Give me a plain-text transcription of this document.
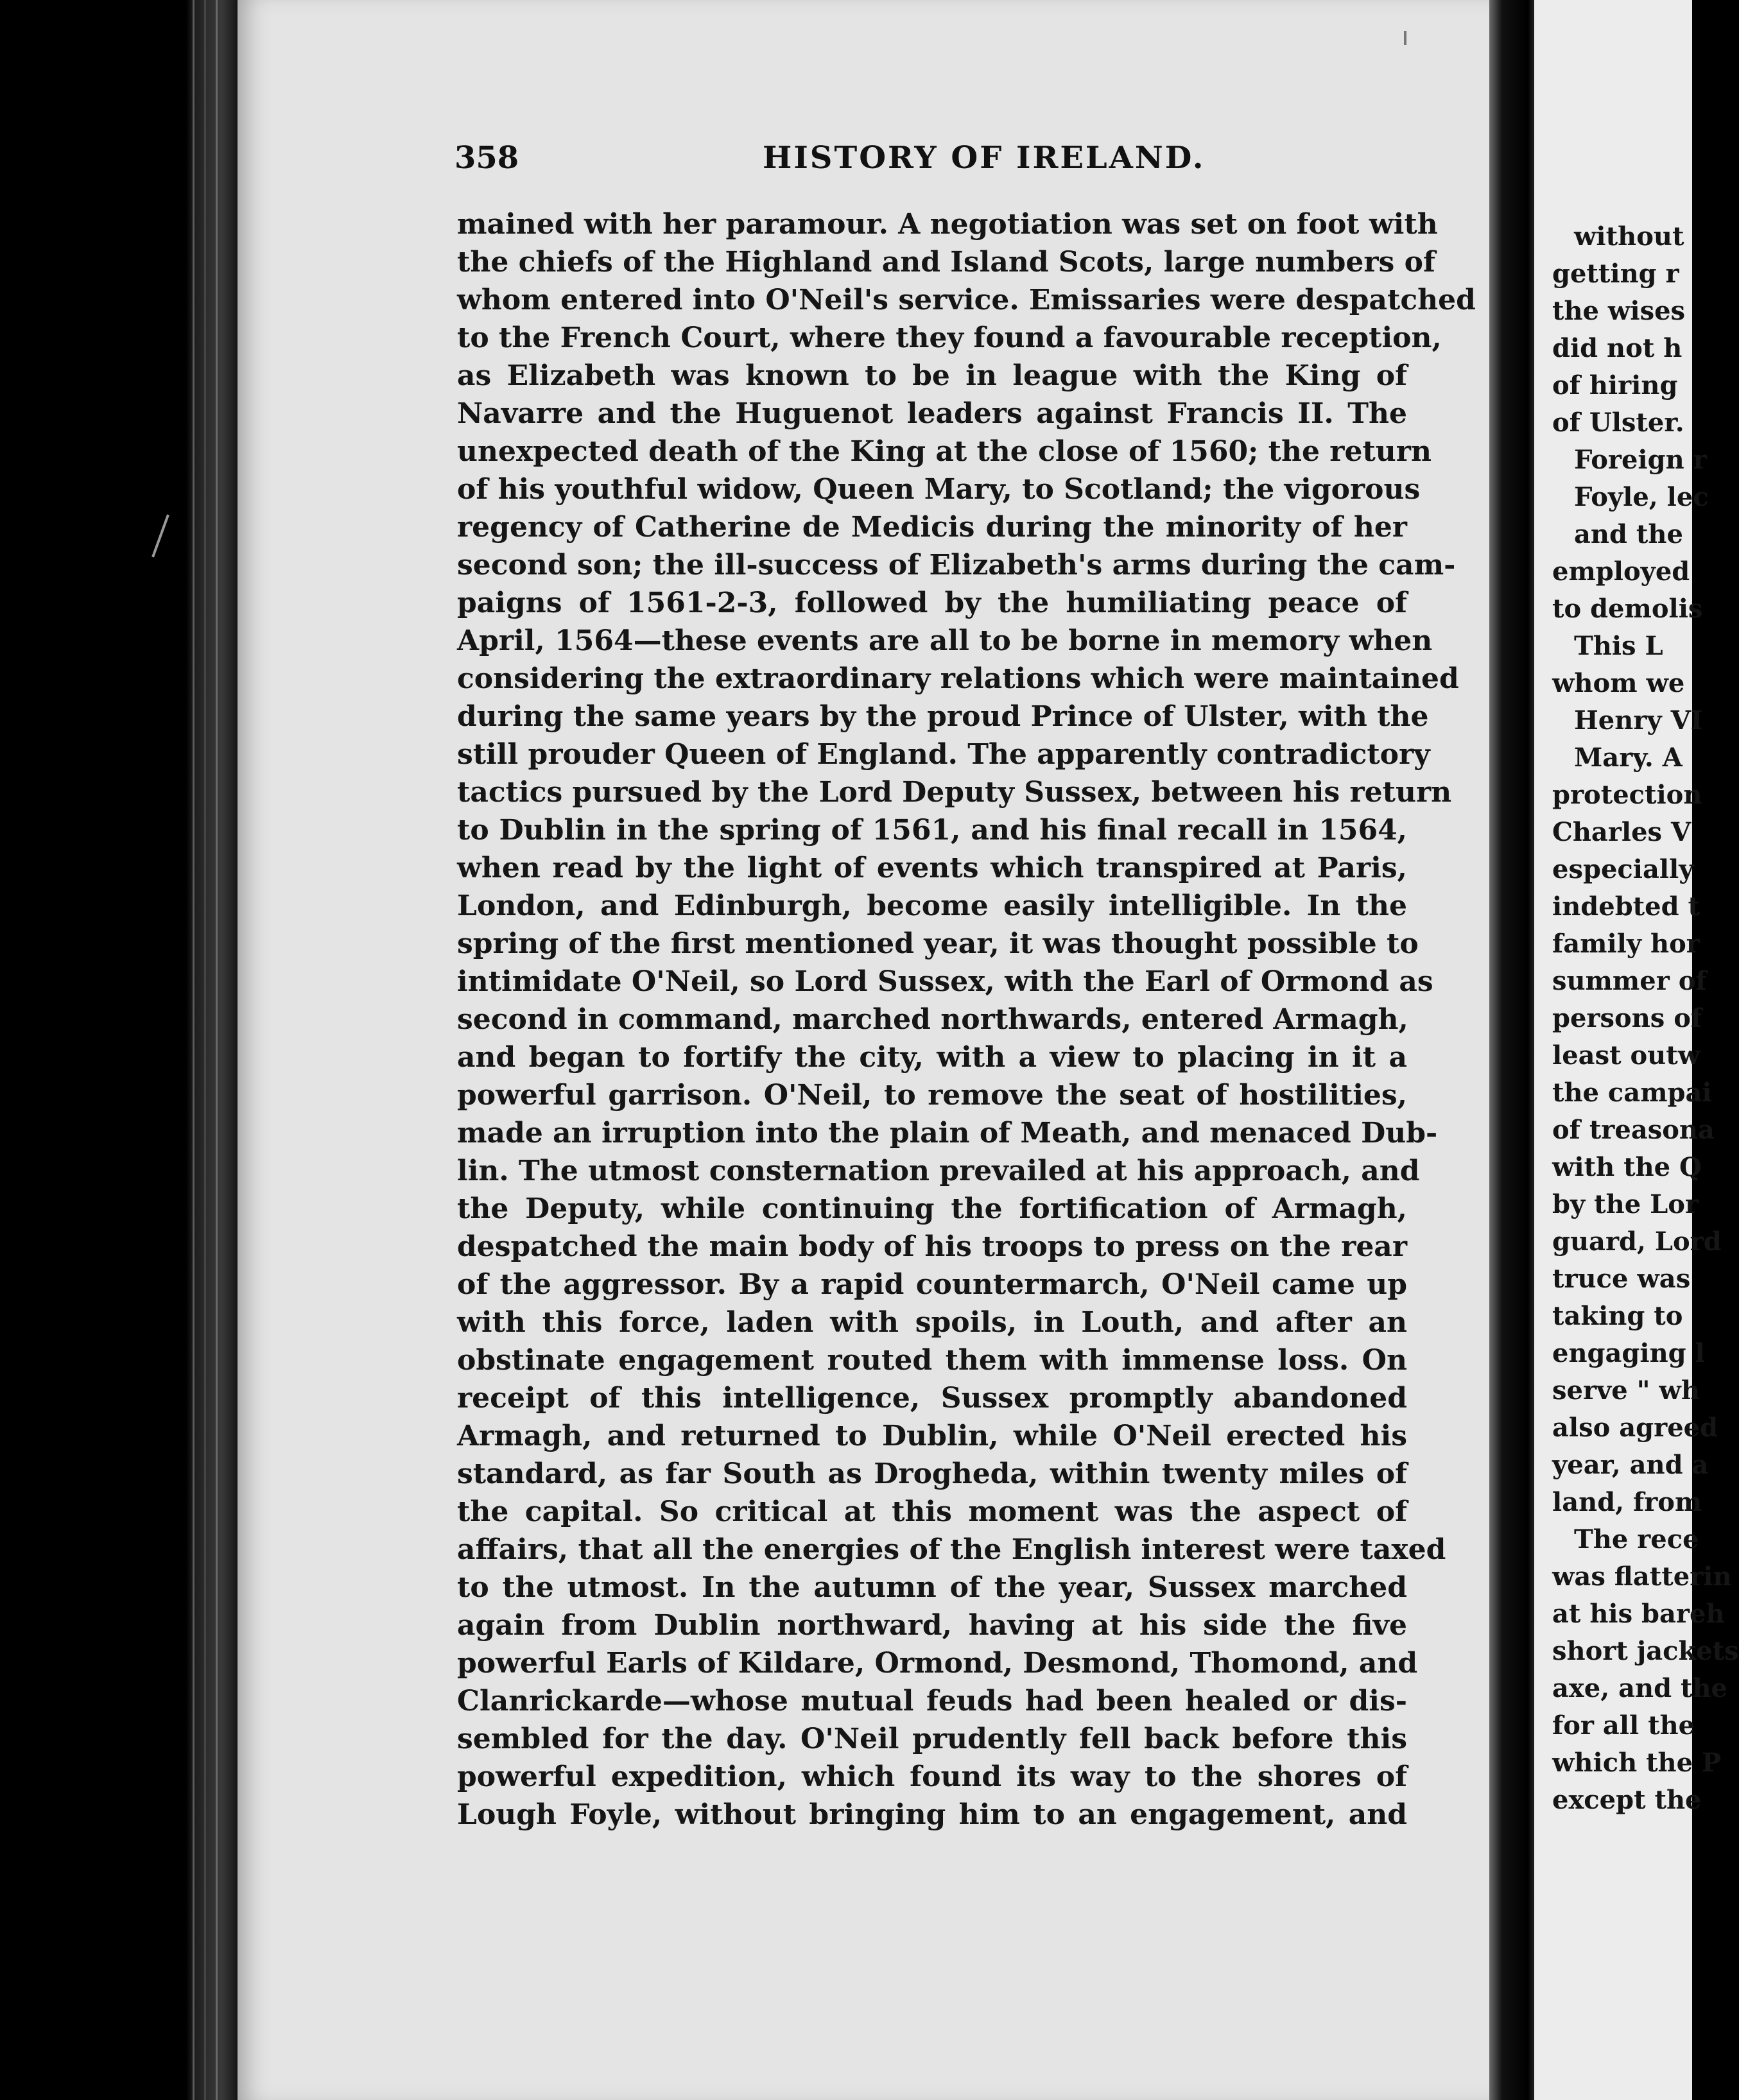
358	HISTORY OF IRELAND.
mained with her paramour. A negotiation was set on foot with
the chiefs of the Highland and Island Scots, large numbers of
whom entered into O'Neil's service. Emissaries were despatched
to the French Court, where they found a favourable reception,
as Elizabeth was known to be in league with the King of
Navarre and the Huguenot leaders against Francis II. The
unexpected death of the King at the close of 1560; the return
of his youthful widow, Queen Mary, to Scotland; the vigorous
regency of Catherine de Medicis during the minority of her
second son; the ill-success of Elizabeth's arms during the cam-
paigns of 1561-2-3, followed by the humiliating peace of
April, 1564—these events are all to be borne in memory when
considering the extraordinary relations which were maintained
during the same years by the proud Prince of Ulster, with the
still prouder Queen of England. The apparently contradictory
tactics pursued by the Lord Deputy Sussex, between his return
to Dublin in the spring of 1561, and his final recall in 1564,
when read by the light of events which transpired at Paris,
London, and Edinburgh, become easily intelligible. In the
spring of the first mentioned year, it was thought possible to
intimidate O'Neil, so Lord Sussex, with the Earl of Ormond as
second in command, marched northwards, entered Armagh,
and began to fortify the city, with a view to placing in it a
powerful garrison. O'Neil, to remove the seat of hostilities,
made an irruption into the plain of Meath, and menaced Dub-
lin. The utmost consternation prevailed at his approach, and
the Deputy, while continuing the fortification of Armagh,
despatched the main body of his troops to press on the rear
of the aggressor. By a rapid countermarch, O'Neil came up
with this force, laden with spoils, in Louth, and after an
obstinate engagement routed them with immense loss. On
receipt of this intelligence, Sussex promptly abandoned
Armagh, and returned to Dublin, while O'Neil erected his
standard, as far South as Drogheda, within twenty miles of
the capital. So critical at this moment was the aspect of
affairs, that all the energies of the English interest were taxed
to the utmost. In the autumn of the year, Sussex marched
again from Dublin northward, having at his side the five
powerful Earls of Kildare, Ormond, Desmond, Thomond, and
Clanrickarde—whose mutual feuds had been healed or dis-
sembled for the day. O'Neil prudently fell back before this
powerful expedition, which found its way to the shores of
Lough Foyle, without bringing him to an engagement, and
without
getting r
the wises
did not h
of hiring
of Ulster.
Foreign r
Foyle, lec
and the
employed
to demolis
This L
whom we
Henry VI
Mary. A
protection
Charles V
especially
indebted t
family hor
summer of
persons of
least outw
the campai
of treasona
with the Q
by the Lor
guard, Lord
truce was
taking to
engaging l
serve " wh
also agreed
year, and a
land, from
The rece
was flatterin
at his bareh
short jackets
axe, and the
for all the
which the P
except the
